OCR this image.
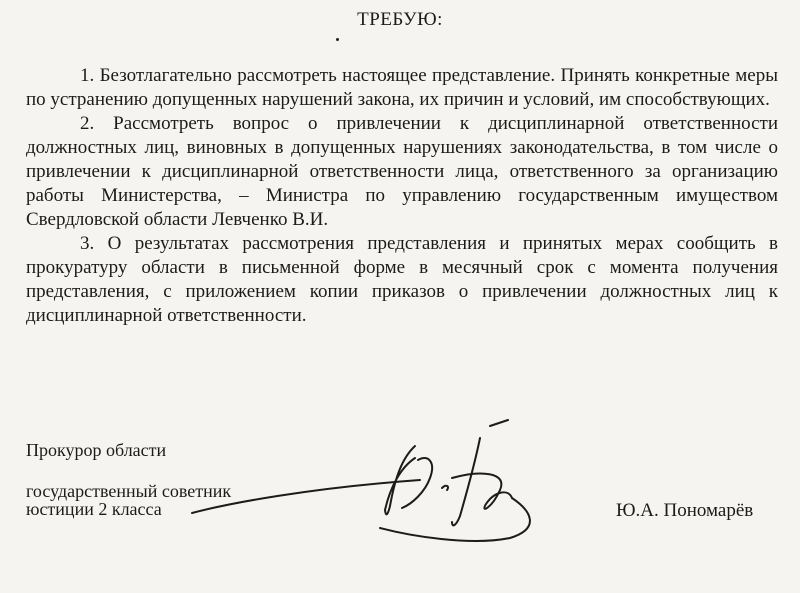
ТРЕБУЮ:

1. Безотлагательно рассмотреть настоящее представление. Принять конкретные меры по устранению допущенных нарушений закона, их причин и условий, им способствующих.

2. Рассмотреть вопрос о привлечении к дисциплинарной ответственности должностных лиц, виновных в допущенных нарушениях законодательства, в том числе о привлечении к дисциплинарной ответственности лица, ответственного за организацию работы Министерства, – Министра по управлению государственным имуществом Свердловской области Левченко В.И.

3. О результатах рассмотрения представления и принятых мерах сообщить в прокуратуру области в письменной форме в месячный срок с момента получения представления, с приложением копии приказов о привлечении должностных лиц к дисциплинарной ответственности.

Прокурор области
государственный советник
юстиции 2 класса	Ю.А. Пономарёв
